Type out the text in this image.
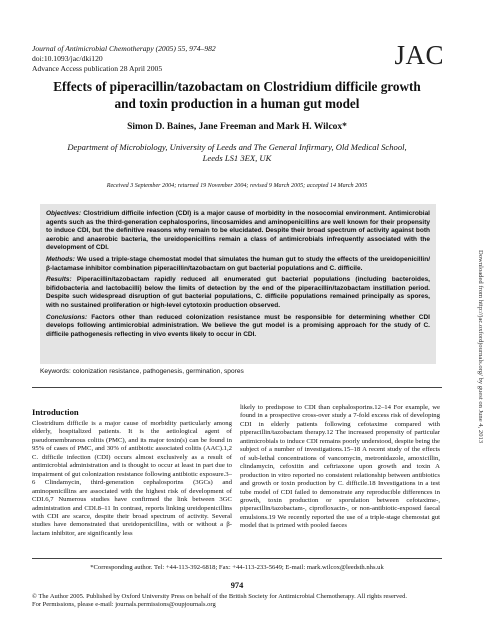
Journal of Antimicrobial Chemotherapy (2005) 55, 974–982
doi:10.1093/jac/dki120
Advance Access publication 28 April 2005	JAC
Effects of piperacillin/tazobactam on Clostridium difficile growth
and toxin production in a human gut model
Simon D. Baines, Jane Freeman and Mark H. Wilcox*
Department of Microbiology, University of Leeds and The General Infirmary, Old Medical School,
Leeds LS1 3EX, UK
Received 3 September 2004; returned 19 November 2004; revised 9 March 2005; accepted 14 March 2005

Objectives: Clostridium difficile infection (CDI) is a major cause of morbidity in the nosocomial environment. Antimicrobial agents such as the third-generation cephalosporins, lincosamides and aminopenicillins are well known for their propensity to induce CDI, but the definitive reasons why remain to be elucidated. Despite their broad spectrum of activity against both aerobic and anaerobic bacteria, the ureidopenicillins remain a class of antimicrobials infrequently associated with the development of CDI.

Methods: We used a triple-stage chemostat model that simulates the human gut to study the effects of the ureidopenicillin/β-lactamase inhibitor combination piperacillin/tazobactam on gut bacterial populations and C. difficile.

Results: Piperacillin/tazobactam rapidly reduced all enumerated gut bacterial populations (including bacteroides, bifidobacteria and lactobacilli) below the limits of detection by the end of the piperacillin/tazobactam instillation period. Despite such widespread disruption of gut bacterial populations, C. difficile populations remained principally as spores, with no sustained proliferation or high-level cytotoxin production observed.

Conclusions: Factors other than reduced colonization resistance must be responsible for determining whether CDI develops following antimicrobial administration. We believe the gut model is a promising approach for the study of C. difficile pathogenesis reflecting in vivo events likely to occur in CDI.

Keywords: colonization resistance, pathogenesis, germination, spores
Introduction
Clostridium difficile is a major cause of morbidity particularly among elderly, hospitalized patients. It is the aetiological agent of pseudomembranous colitis (PMC), and its major toxin(s) can be found in 95% of cases of PMC, and 30% of antibiotic associated colitis (AAC).1,2 C. difficile infection (CDI) occurs almost exclusively as a result of antimicrobial administration and is thought to occur at least in part due to impairment of gut colonization resistance following antibiotic exposure.3–6 Clindamycin, third-generation cephalosporins (3GCs) and aminopenicillins are associated with the highest risk of development of CDI.6,7 Numerous studies have confirmed the link between 3GC administration and CDI.8–11 In contrast, reports linking ureidopenicillins with CDI are scarce, despite their broad spectrum of activity. Several studies have demonstrated that ureidopenicillins, with or without a β-lactam inhibitor, are significantly less
likely to predispose to CDI than cephalosporins.12–14 For example, we found in a prospective cross-over study a 7-fold excess risk of developing CDI in elderly patients following cefotaxime compared with piperacillin/tazobactam therapy.12 The increased propensity of particular antimicrobials to induce CDI remains poorly understood, despite being the subject of a number of investigations.15–18 A recent study of the effects of sub-lethal concentrations of vancomycin, metronidazole, amoxicillin, clindamycin, cefoxitin and ceftriaxone upon growth and toxin A production in vitro reported no consistent relationship between antibiotics and growth or toxin production by C. difficile.18 Investigations in a test tube model of CDI failed to demonstrate any reproducible differences in growth, toxin production or sporulation between cefotaxime-, piperacillin/tazobactam-, ciprofloxacin-, or non-antibiotic-exposed faecal emulsions.19 We recently reported the use of a triple-stage chemostat gut model that is primed with pooled faeces
*Corresponding author. Tel: +44-113-392-6818; Fax: +44-113-233-5649; E-mail: mark.wilcox@leedsth.nhs.uk
974
© The Author 2005. Published by Oxford University Press on behalf of the British Society for Antimicrobial Chemotherapy. All rights reserved.
For Permissions, please e-mail: journals.permissions@oupjournals.org
Downloaded from http://jac.oxfordjournals.org/ by guest on June 4, 2013
